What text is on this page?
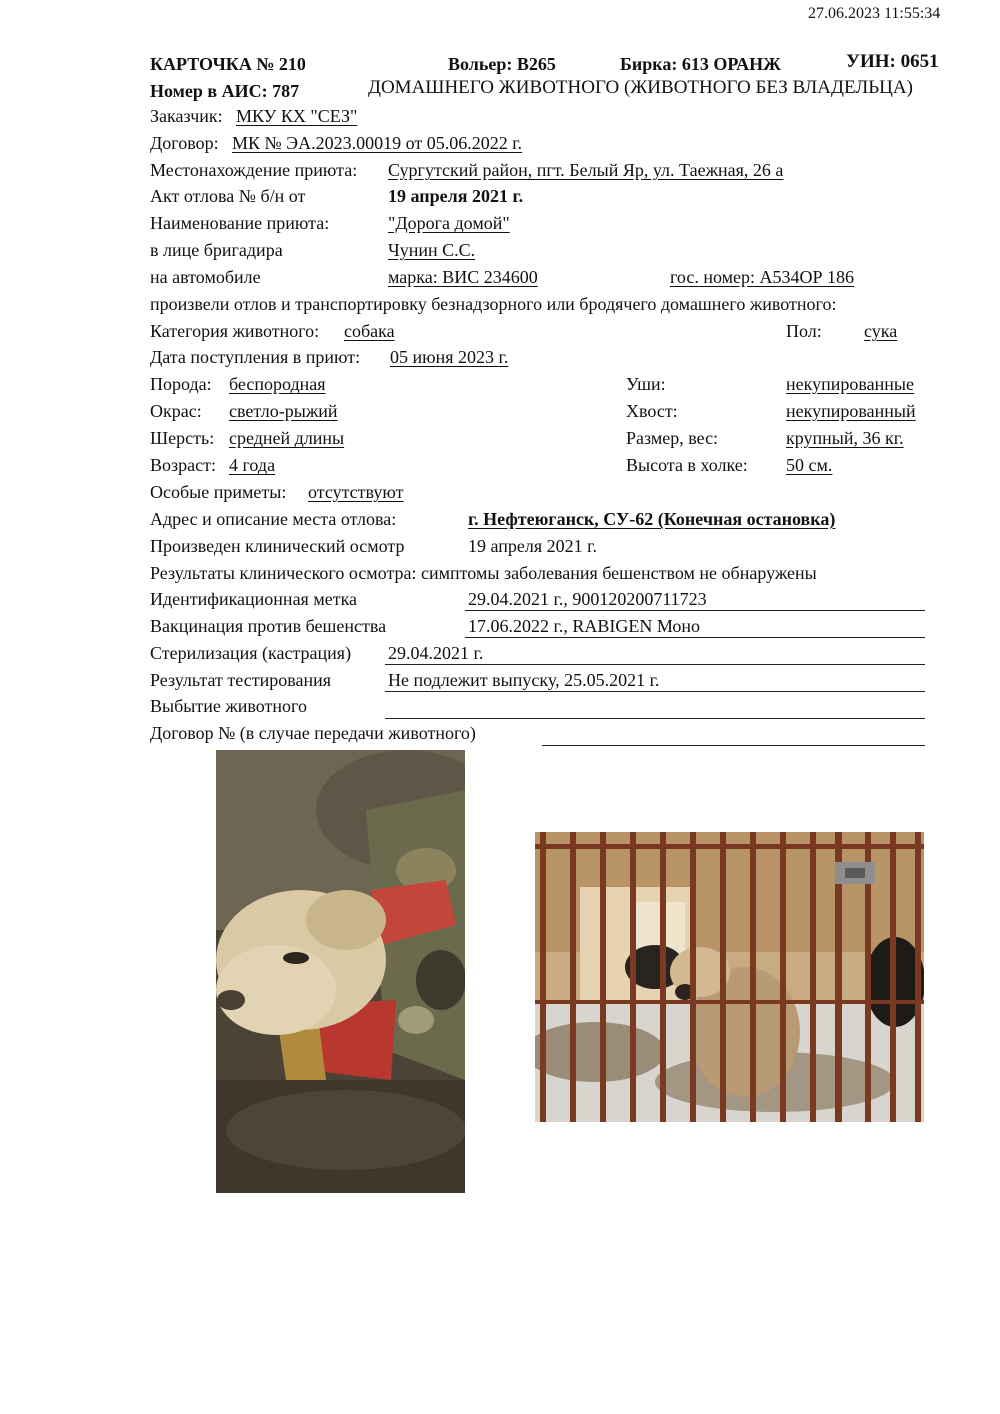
27.06.2023 11:55:34
КАРТОЧКА № 210	Вольер: В265	Бирка: 613 ОРАНЖ	УИН: 0651
Номер в АИС: 787	ДОМАШНЕГО ЖИВОТНОГО (ЖИВОТНОГО БЕЗ ВЛАДЕЛЬЦА)
Заказчик: МКУ КХ "СЕЗ"
Договор: МК № ЭА.2023.00019 от 05.06.2022 г.
Местонахождение приюта: Сургутский район, пгт. Белый Яр, ул. Таежная, 26 а
Акт отлова № б/н от	19 апреля 2021 г.
Наименование приюта:	"Дорога домой"
в лице бригадира	Чунин С.С.
на автомобиле	марка: ВИС 234600	гос. номер: А534ОР 186
произвели отлов и транспортировку безнадзорного или бродячего домашнего животного:
Категория животного: собака	Пол: сука
Дата поступления в приют: 05 июня 2023 г.
Порода: беспородная	Уши:	некупированные
Окрас: светло-рыжий	Хвост:	некупированный
Шерсть: средней длины	Размер, вес:	крупный, 36 кг.
Возраст: 4 года	Высота в холке: 50 см.
Особые приметы: отсутствуют
Адрес и описание места отлова:	г. Нефтеюганск, СУ-62 (Конечная остановка)
Произведен клинический осмотр	19 апреля 2021 г.
Результаты клинического осмотра: симптомы заболевания бешенством не обнаружены
Идентификационная метка	29.04.2021 г., 900120200711723
Вакцинация против бешенства	17.06.2022 г., RABIGEN Моно
Стерилизация (кастрация) 29.04.2021 г.
Результат тестирования	Не подлежит выпуску, 25.05.2021 г.
Выбытие животного
Договор № (в случае передачи животного)
